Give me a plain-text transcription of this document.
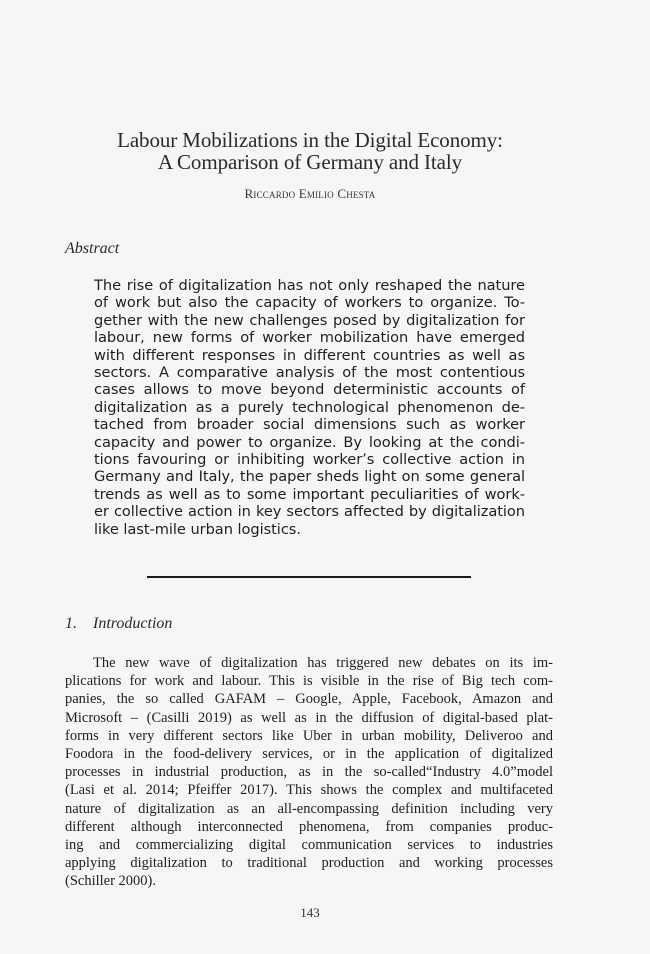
Labour Mobilizations in the Digital Economy:
A Comparison of Germany and Italy
Riccardo Emilio Chesta
Abstract
The rise of digitalization has not only reshaped the nature
of work but also the capacity of workers to organize. To-
gether with the new challenges posed by digitalization for
labour, new forms of worker mobilization have emerged
with different responses in different countries as well as
sectors. A comparative analysis of the most contentious
cases allows to move beyond deterministic accounts of
digitalization as a purely technological phenomenon de-
tached from broader social dimensions such as worker
capacity and power to organize. By looking at the condi-
tions favouring or inhibiting worker’s collective action in
Germany and Italy, the paper sheds light on some general
trends as well as to some important peculiarities of work-
er collective action in key sectors affected by digitalization
like last-mile urban logistics.
1. Introduction
The new wave of digitalization has triggered new debates on its im-
plications for work and labour. This is visible in the rise of Big tech com-
panies, the so called GAFAM – Google, Apple, Facebook, Amazon and
Microsoft – (Casilli 2019) as well as in the diffusion of digital-based plat-
forms in very different sectors like Uber in urban mobility, Deliveroo and
Foodora in the food-delivery services, or in the application of digitalized
processes in industrial production, as in the so-called“Industry 4.0”model
(Lasi et al. 2014; Pfeiffer 2017). This shows the complex and multifaceted
nature of digitalization as an all-encompassing definition including very
different although interconnected phenomena, from companies produc-
ing and commercializing digital communication services to industries
applying digitalization to traditional production and working processes
(Schiller 2000).
143
